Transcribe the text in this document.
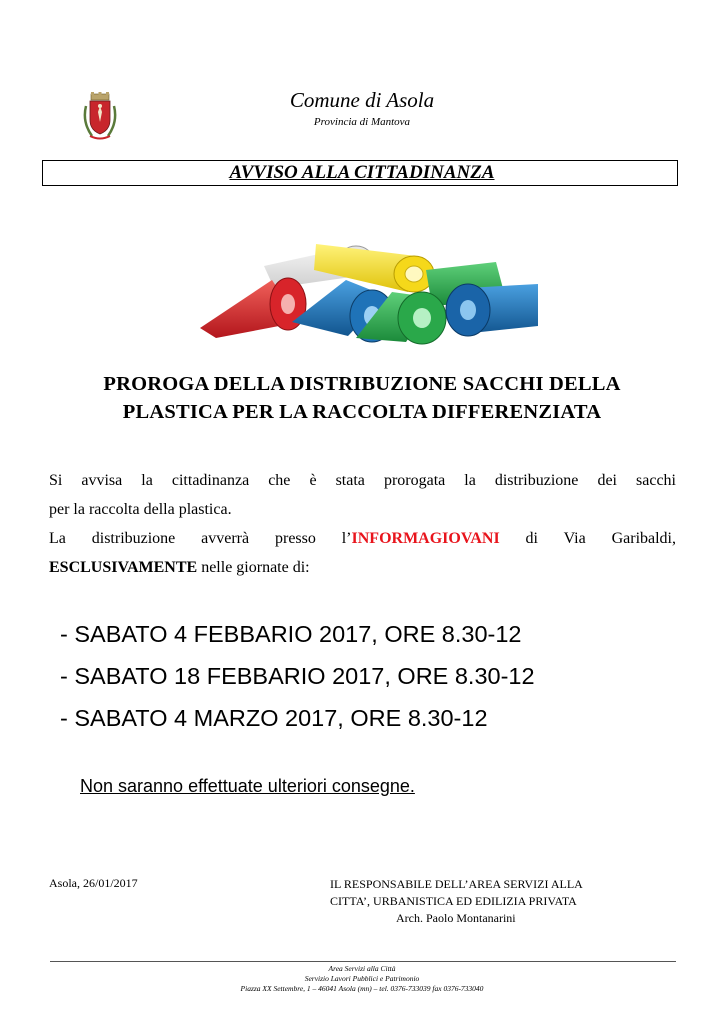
Comune di Asola
Provincia di Mantova
AVVISO ALLA CITTADINANZA
PROROGA DELLA DISTRIBUZIONE SACCHI DELLA
PLASTICA PER LA RACCOLTA DIFFERENZIATA
Si avvisa la cittadinanza che è stata prorogata la distribuzione dei sacchi
per la raccolta della plastica.
La distribuzione avverrà presso l’INFORMAGIOVANI di Via Garibaldi,
ESCLUSIVAMENTE nelle giornate di:
- SABATO 4 FEBBARIO 2017, ORE 8.30-12
- SABATO 18 FEBBARIO 2017, ORE 8.30-12
- SABATO 4 MARZO 2017, ORE 8.30-12
Non saranno effettuate ulteriori consegne.
Asola, 26/01/2017	IL RESPONSABILE DELL’AREA SERVIZI ALLA
CITTA’, URBANISTICA ED EDILIZIA PRIVATA
Arch. Paolo Montanarini
Area Servizi alla Città
Servizio Lavori Pubblici e Patrimonio
Piazza XX Settembre, 1 – 46041 Asola (mn) – tel. 0376-733039 fax 0376-733040
